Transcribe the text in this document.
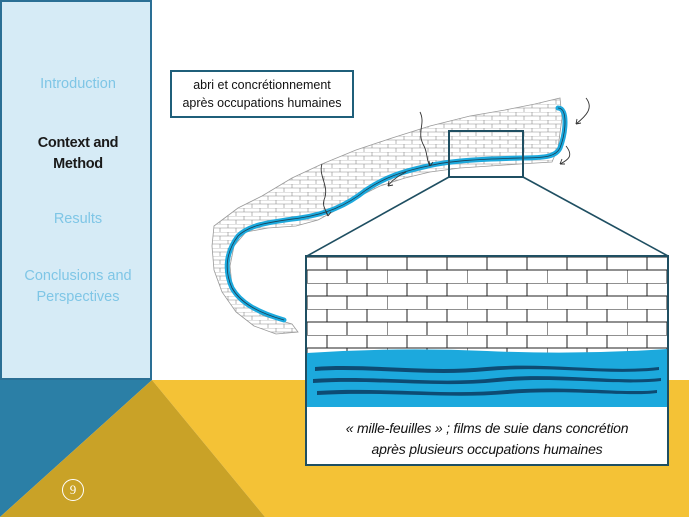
Introduction
Context and
Method
Results
Conclusions and
Perspectives
9
abri et concrétionnement
après occupations humaines
« mille-feuilles » ; films de suie dans concrétion
après plusieurs occupations humaines
